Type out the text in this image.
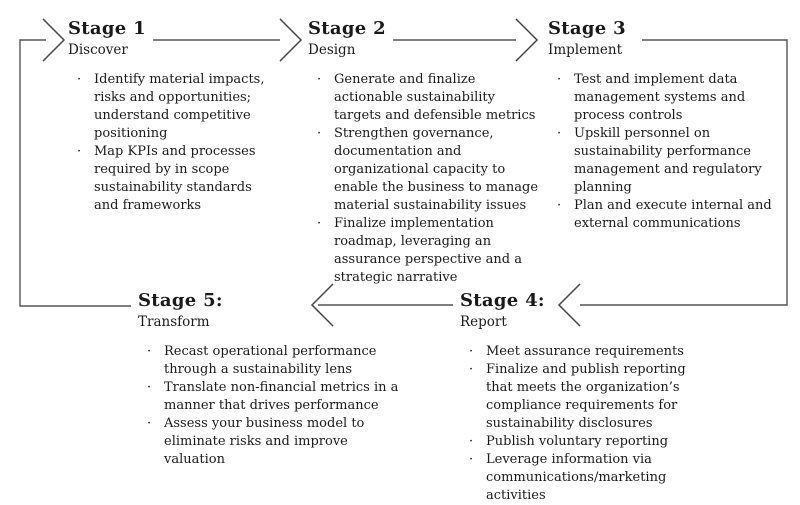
Stage 1
Discover
· Identify material impacts, risks and opportunities; understand competitive positioning
· Map KPIs and processes required by in scope sustainability standards and frameworks
Stage 2
Design
· Generate and finalize actionable sustainability targets and defensible metrics
· Strengthen governance, documentation and organizational capacity to enable the business to manage material sustainability issues
· Finalize implementation roadmap, leveraging an assurance perspective and a strategic narrative
Stage 3
Implement
· Test and implement data management systems and process controls
· Upskill personnel on sustainability performance management and regulatory planning
· Plan and execute internal and external communications
Stage 4:
Report
· Meet assurance requirements
· Finalize and publish reporting that meets the organization’s compliance requirements for sustainability disclosures
· Publish voluntary reporting
· Leverage information via communications/marketing activities
Stage 5:
Transform
· Recast operational performance through a sustainability lens
· Translate non-financial metrics in a manner that drives performance
· Assess your business model to eliminate risks and improve valuation
